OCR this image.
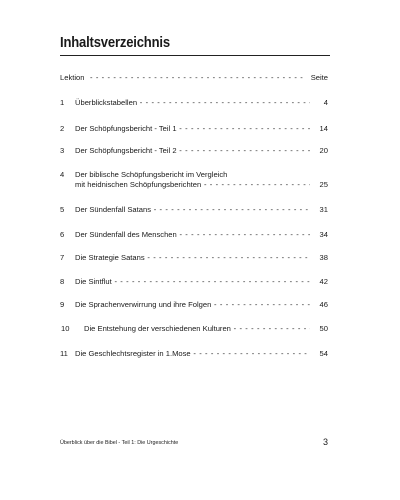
Inhaltsverzeichnis
Lektion - - -	Seite
1 Überblickstabellen - - -	4
2 Der Schöpfungsbericht - Teil 1 - - -	14
3 Der Schöpfungsbericht - Teil 2 - - -	20
4 Der biblische Schöpfungsbericht im Vergleich
mit heidnischen Schöpfungsberichten - - -	25
5 Der Sündenfall Satans - - -	31
6 Der Sündenfall des Menschen - - -	34
7 Die Strategie Satans - - -	38
8 Die Sintflut - - -	42
9 Die Sprachenverwirrung und ihre Folgen - - -	46
10 Die Entstehung der verschiedenen Kulturen - - -	50
11 Die Geschlechtsregister in 1.Mose - - -	54
Überblick über die Bibel - Teil 1: Die Urgeschichte	3
